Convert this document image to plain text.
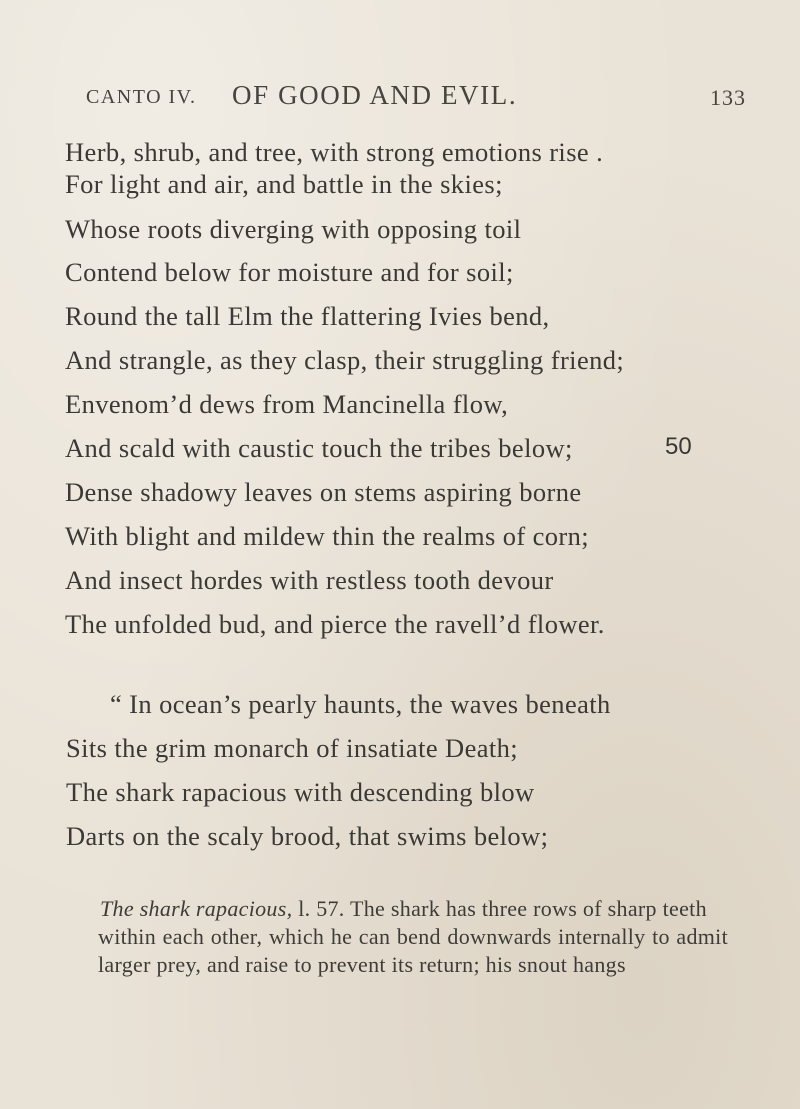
CANTO IV. OF GOOD AND EVIL.	133
Herb, shrub, and tree, with strong emotions rise .
For light and air, and battle in the skies;
Whose roots diverging with opposing toil
Contend below for moisture and for soil;
Round the tall Elm the flattering Ivies bend,
And strangle, as they clasp, their struggling friend;
Envenom’d dews from Mancinella flow,
And scald with caustic touch the tribes below;	50
Dense shadowy leaves on stems aspiring borne
With blight and mildew thin the realms of corn;
And insect hordes with restless tooth devour
The unfolded bud, and pierce the ravell’d flower.
“ In ocean’s pearly haunts, the waves beneath
Sits the grim monarch of insatiate Death;
The shark rapacious with descending blow
Darts on the scaly brood, that swims below;
The shark rapacious, l. 57. The shark has three rows of sharp teeth
within each other, which he can bend downwards internally to admit larger prey, and raise to prevent its return; his snout hangs
